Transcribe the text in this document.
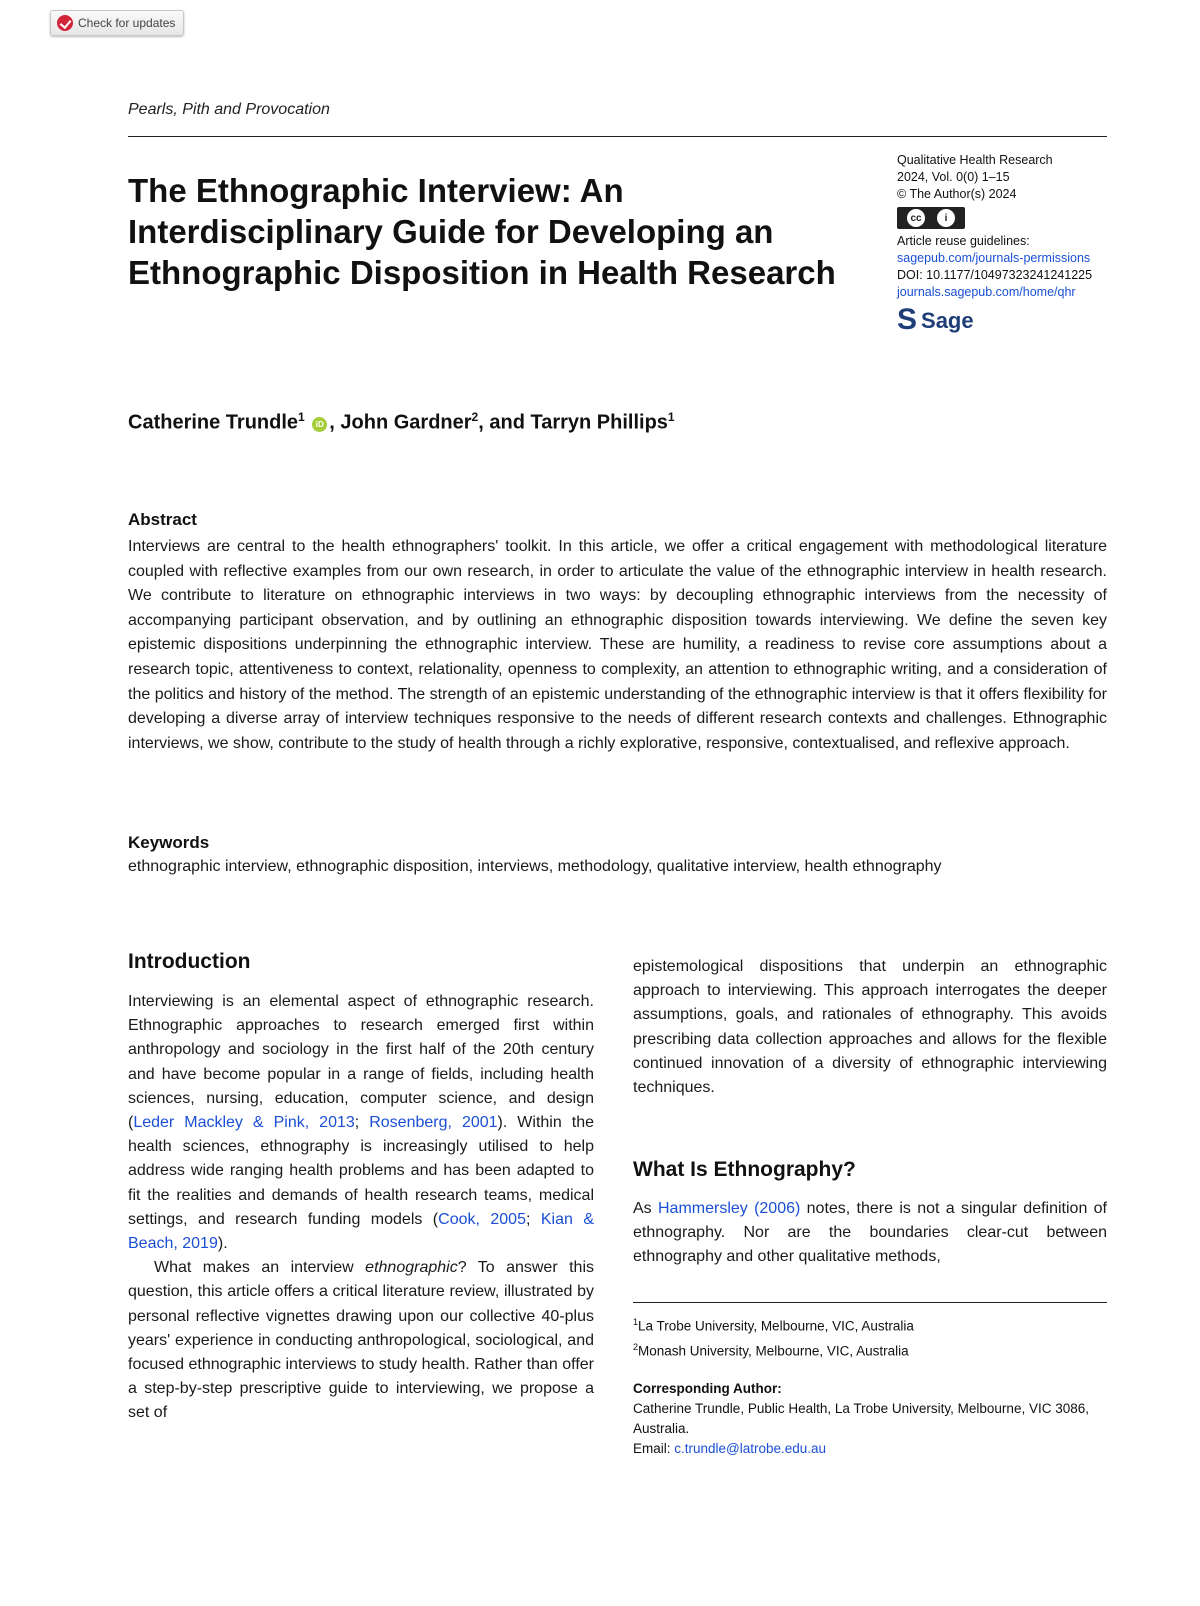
Check for updates
Pearls, Pith and Provocation
The Ethnographic Interview: An Interdisciplinary Guide for Developing an Ethnographic Disposition in Health Research
Qualitative Health Research
2024, Vol. 0(0) 1–15
© The Author(s) 2024
cc	i
Article reuse guidelines:
sagepub.com/journals-permissions
DOI: 10.1177/10497323241241225
journals.sagepub.com/home/qhr
S Sage
Catherine Trundle$^1$ iD , John Gardner$^2$, and Tarryn Phillips$^1$
Abstract
Interviews are central to the health ethnographers' toolkit. In this article, we offer a critical engagement with methodological literature coupled with reflective examples from our own research, in order to articulate the value of the ethnographic interview in health research. We contribute to literature on ethnographic interviews in two ways: by decoupling ethnographic interviews from the necessity of accompanying participant observation, and by outlining an ethnographic disposition towards interviewing. We define the seven key epistemic dispositions underpinning the ethnographic interview. These are humility, a readiness to revise core assumptions about a research topic, attentiveness to context, relationality, openness to complexity, an attention to ethnographic writing, and a consideration of the politics and history of the method. The strength of an epistemic understanding of the ethnographic interview is that it offers flexibility for developing a diverse array of interview techniques responsive to the needs of different research contexts and challenges. Ethnographic interviews, we show, contribute to the study of health through a richly explorative, responsive, contextualised, and reflexive approach.
Keywords
ethnographic interview, ethnographic disposition, interviews, methodology, qualitative interview, health ethnography
Introduction

Interviewing is an elemental aspect of ethnographic research. Ethnographic approaches to research emerged first within anthropology and sociology in the first half of the 20th century and have become popular in a range of fields, including health sciences, nursing, education, computer science, and design (Leder Mackley & Pink, 2013; Rosenberg, 2001). Within the health sciences, ethnography is increasingly utilised to help address wide ranging health problems and has been adapted to fit the realities and demands of health research teams, medical settings, and research funding models (Cook, 2005; Kian & Beach, 2019).

What makes an interview ethnographic? To answer this question, this article offers a critical literature review, illustrated by personal reflective vignettes drawing upon our collective 40-plus years' experience in conducting anthropological, sociological, and focused ethnographic interviews to study health. Rather than offer a step-by-step prescriptive guide to interviewing, we propose a set of

epistemological dispositions that underpin an ethnographic approach to interviewing. This approach interrogates the deeper assumptions, goals, and rationales of ethnography. This avoids prescribing data collection approaches and allows for the flexible continued innovation of a diversity of ethnographic interviewing techniques.

What Is Ethnography?

As Hammersley (2006) notes, there is not a singular definition of ethnography. Nor are the boundaries clear-cut between ethnography and other qualitative methods,

$^1$La Trobe University, Melbourne, VIC, Australia
$^2$Monash University, Melbourne, VIC, Australia
Corresponding Author:
Catherine Trundle, Public Health, La Trobe University, Melbourne, VIC 3086, Australia.
Email: c.trundle@latrobe.edu.au
